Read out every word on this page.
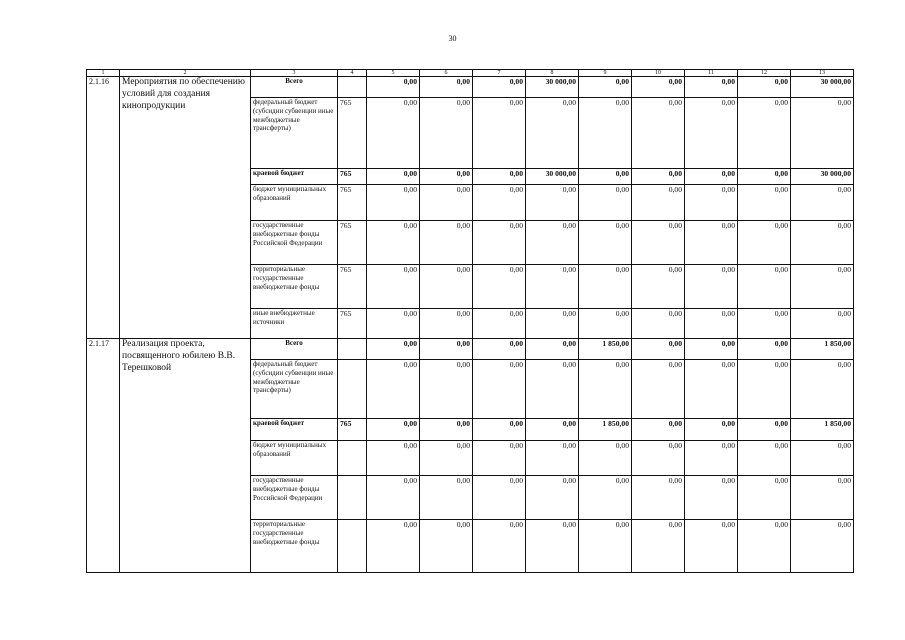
30
1	2	3	4	5	6	7	8	9	10	11	12	13
2.1.16	Мероприятия по обеспечению условий для создания кинопродукции	Всего		0,00	0,00	0,00	30 000,00	0,00	0,00	0,00	0,00	30 000,00
		федеральный бюджет (субсидии субвенции иные межбюджетные трансферты)	765	0,00	0,00	0,00	0,00	0,00	0,00	0,00	0,00	0,00
		краевой бюджет	765	0,00	0,00	0,00	30 000,00	0,00	0,00	0,00	0,00	30 000,00
		бюджет муниципальных образований	765	0,00	0,00	0,00	0,00	0,00	0,00	0,00	0,00	0,00
		государственные внебюджетные фонды Российской Федерации	765	0,00	0,00	0,00	0,00	0,00	0,00	0,00	0,00	0,00
		территориальные государственные внебюджетные фонды	765	0,00	0,00	0,00	0,00	0,00	0,00	0,00	0,00	0,00
		иные внебюджетные источники	765	0,00	0,00	0,00	0,00	0,00	0,00	0,00	0,00	0,00
2.1.17	Реализация проекта, посвященного юбилею В.В. Терешковой	Всего		0,00	0,00	0,00	0,00	1 850,00	0,00	0,00	0,00	1 850,00
		федеральный бюджет (субсидии субвенции иные межбюджетные трансферты)		0,00	0,00	0,00	0,00	0,00	0,00	0,00	0,00	0,00
		краевой бюджет	765	0,00	0,00	0,00	0,00	1 850,00	0,00	0,00	0,00	1 850,00
		бюджет муниципальных образований		0,00	0,00	0,00	0,00	0,00	0,00	0,00	0,00	0,00
		государственные внебюджетные фонды Российской Федерации		0,00	0,00	0,00	0,00	0,00	0,00	0,00	0,00	0,00
		территориальные государственные внебюджетные фонды		0,00	0,00	0,00	0,00	0,00	0,00	0,00	0,00	0,00
